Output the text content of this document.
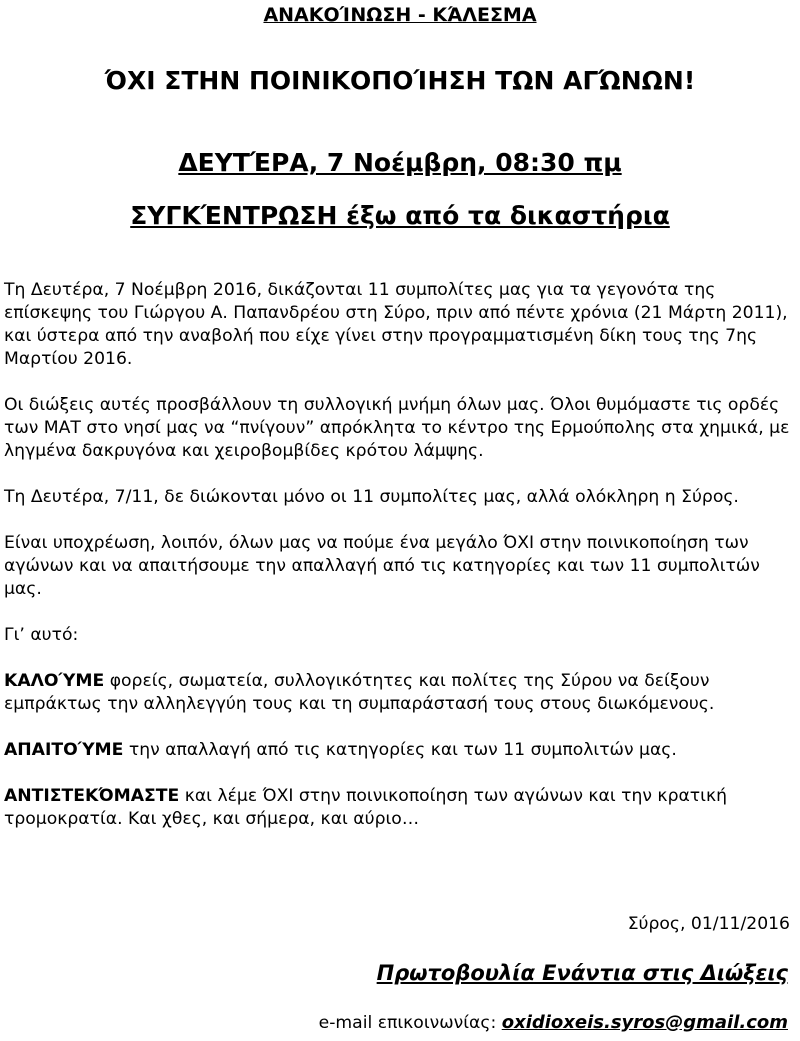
ΑΝΑΚΟΊΝΩΣΗ - ΚΆΛΕΣΜΑ
ΌΧΙ ΣΤΗΝ ΠΟΙΝΙΚΟΠΟΊΗΣΗ ΤΩΝ ΑΓΏΝΩΝ!
ΔΕΥΤΈΡΑ, 7 Νοέμβρη, 08:30 πμ
ΣΥΓΚΈΝΤΡΩΣΗ έξω από τα δικαστήρια

Τη Δευτέρα, 7 Νοέμβρη 2016, δικάζονται 11 συμπολίτες μας για τα γεγονότα της επίσκεψης του Γιώργου Α. Παπανδρέου στη Σύρο, πριν από πέντε χρόνια (21 Μάρτη 2011), και ύστερα από την αναβολή που είχε γίνει στην προγραμματισμένη δίκη τους της 7ης Μαρτίου 2016.

Οι διώξεις αυτές προσβάλλουν τη συλλογική μνήμη όλων μας. Όλοι θυμόμαστε τις ορδές των ΜΑΤ στο νησί μας να “πνίγουν” απρόκλητα το κέντρο της Ερμούπολης στα χημικά, με ληγμένα δακρυγόνα και χειροβομβίδες κρότου λάμψης.

Τη Δευτέρα, 7/11, δε διώκονται μόνο οι 11 συμπολίτες μας, αλλά ολόκληρη η Σύρος.

Είναι υποχρέωση, λοιπόν, όλων μας να πούμε ένα μεγάλο ΌΧΙ στην ποινικοποίηση των αγώνων και να απαιτήσουμε την απαλλαγή από τις κατηγορίες και των 11 συμπολιτών μας.

Γι’ αυτό:

ΚΑΛΟΎΜΕ φορείς, σωματεία, συλλογικότητες και πολίτες της Σύρου να δείξουν εμπράκτως την αλληλεγγύη τους και τη συμπαράστασή τους στους διωκόμενους.

ΑΠΑΙΤΟΎΜΕ την απαλλαγή από τις κατηγορίες και των 11 συμπολιτών μας.

ΑΝΤΙΣΤΕΚΌΜΑΣΤΕ και λέμε ΌΧΙ στην ποινικοποίηση των αγώνων και την κρατική τρομοκρατία. Και χθες, και σήμερα, και αύριο…

Σύρος, 01/11/2016
Πρωτοβουλία Ενάντια στις Διώξεις
e-mail επικοινωνίας: oxidioxeis.syros@gmail.com
